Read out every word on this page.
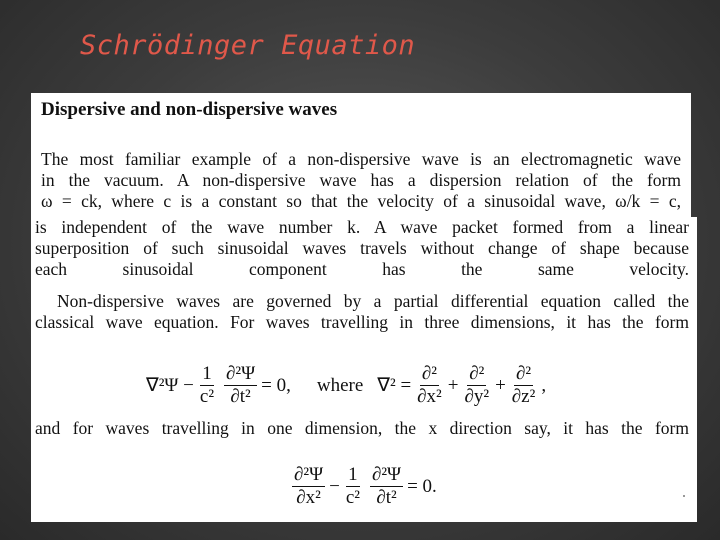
Schrödinger Equation
Dispersive and non-dispersive waves
The most familiar example of a non-dispersive wave is an electromagnetic wave
in the vacuum. A non-dispersive wave has a dispersion relation of the form
ω = ck, where c is a constant so that the velocity of a sinusoidal wave, ω/k = c,
is independent of the wave number k. A wave packet formed from a linear
superposition of such sinusoidal waves travels without change of shape because
each sinusoidal component has the same velocity.
Non-dispersive waves are governed by a partial differential equation called the
classical wave equation. For waves travelling in three dimensions, it has the form
$\nabla^2\Psi - \frac{1}{\text{c²}} \frac{\text{∂²Ψ}}{\text{∂t²}} = 0$, where $\nabla^2 = \frac{\text{∂²}}{\text{∂x²}} + \frac{\text{∂²}}{\text{∂y²}} + \frac{\text{∂²}}{\text{∂z²}}$ ,
and for waves travelling in one dimension, the x direction say, it has the form
$\frac{\text{∂²Ψ}}{\text{∂x²}} - \frac{1}{\text{c²}} \frac{\text{∂²Ψ}}{\text{∂t²}} = 0$.
